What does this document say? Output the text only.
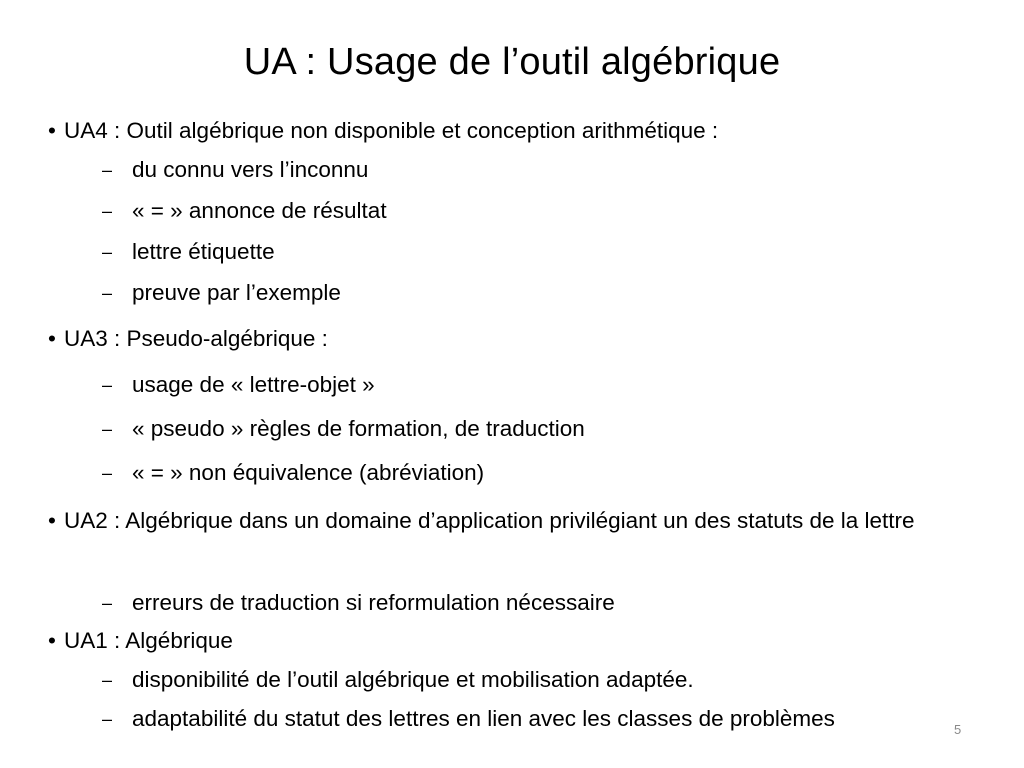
UA : Usage de l’outil algébrique
• UA4 : Outil algébrique non disponible et conception arithmétique :
– du connu vers l’inconnu
– « = » annonce de résultat
– lettre étiquette
– preuve par l’exemple
• UA3 : Pseudo-algébrique :
– usage de « lettre-objet »
– « pseudo » règles de formation, de traduction
– « = » non équivalence (abréviation)
• UA2 : Algébrique dans un domaine d’application privilégiant un des statuts de la lettre
– erreurs de traduction si reformulation nécessaire
• UA1 : Algébrique
– disponibilité de l’outil algébrique et mobilisation adaptée.
– adaptabilité du statut des lettres en lien avec les classes de problèmes	5
